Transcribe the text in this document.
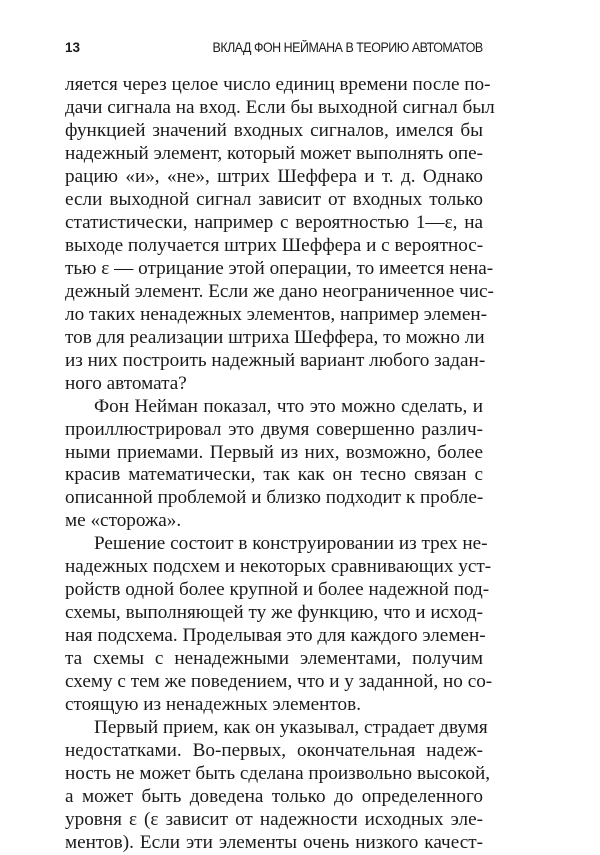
13	ВКЛАД ФОН НЕЙМАНА В ТЕОРИЮ АВТОМАТОВ
ляется через целое число единиц времени после по-
дачи сигнала на вход. Если бы выходной сигнал был
функцией значений входных сигналов, имелся бы
надежный элемент, который может выполнять опе-
рацию «и», «не», штрих Шеффера и т. д. Однако
если выходной сигнал зависит от входных только
статистически, например с вероятностью 1—ε, на
выходе получается штрих Шеффера и с вероятнос-
тью ε — отрицание этой операции, то имеется нена-
дежный элемент. Если же дано неограниченное чис-
ло таких ненадежных элементов, например элемен-
тов для реализации штриха Шеффера, то можно ли
из них построить надежный вариант любого задан-
ного автомата?
Фон Нейман показал, что это можно сделать, и
проиллюстрировал это двумя совершенно различ-
ными приемами. Первый из них, возможно, более
красив математически, так как он тесно связан с
описанной проблемой и близко подходит к пробле-
ме «сторожа».
Решение состоит в конструировании из трех не-
надежных подсхем и некоторых сравнивающих уст-
ройств одной более крупной и более надежной под-
схемы, выполняющей ту же функцию, что и исход-
ная подсхема. Проделывая это для каждого элемен-
та схемы с ненадежными элементами, получим
схему с тем же поведением, что и у заданной, но со-
стоящую из ненадежных элементов.
Первый прием, как он указывал, страдает двумя
недостатками. Во-первых, окончательная надеж-
ность не может быть сделана произвольно высокой,
а может быть доведена только до определенного
уровня ε (ε зависит от надежности исходных эле-
ментов). Если эти элементы очень низкого качест-
